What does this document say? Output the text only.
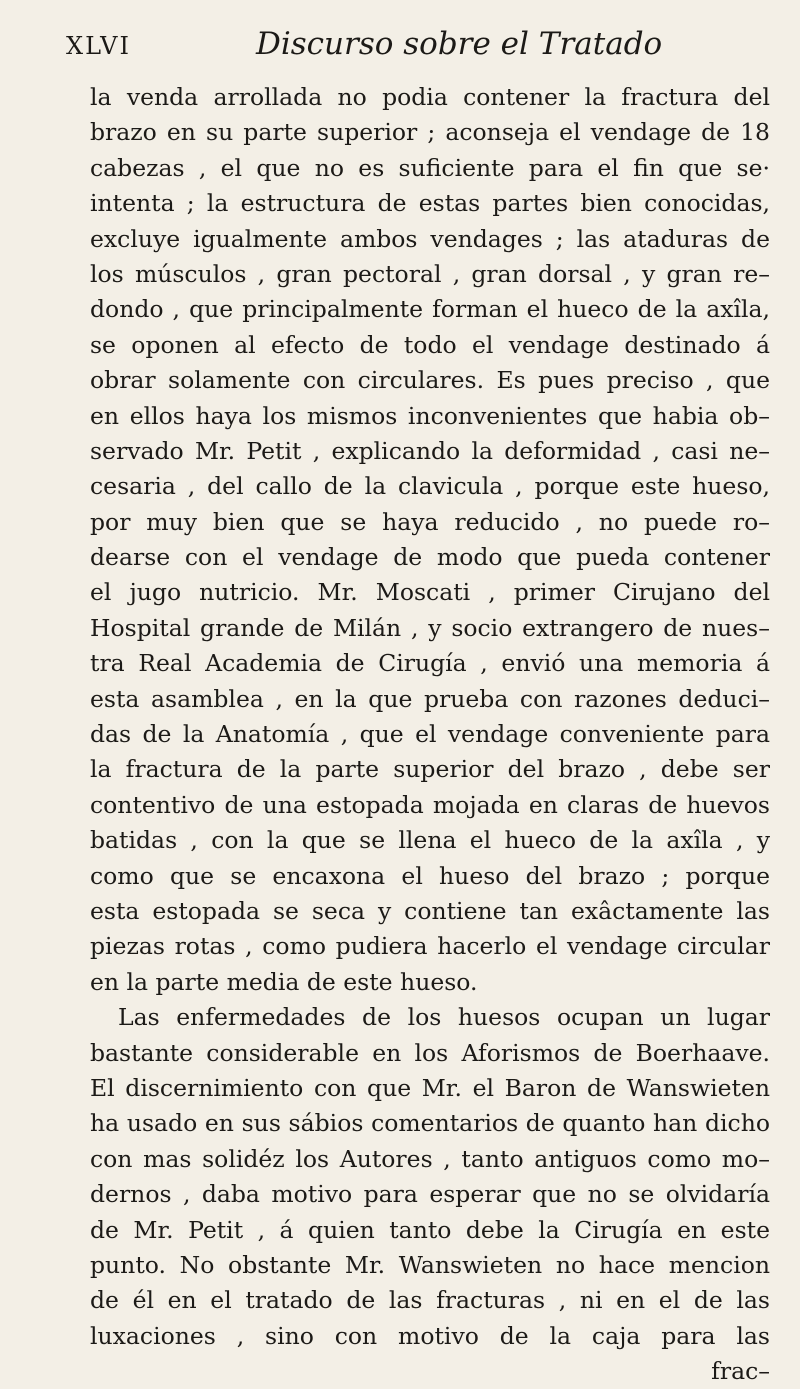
XLVI	Discurso sobre el Tratado
la venda arrollada no podia contener la fractura del
brazo en su parte superior ; aconseja el vendage de 18
cabezas , el que no es suficiente para el fin que se·
intenta ; la estructura de estas partes bien conocidas,
excluye igualmente ambos vendages ; las ataduras de
los músculos , gran pectoral , gran dorsal , y gran re–
dondo , que principalmente forman el hueco de la axîla,
se oponen al efecto de todo el vendage destinado á
obrar solamente con circulares. Es pues preciso , que
en ellos haya los mismos inconvenientes que habia ob–
servado Mr. Petit , explicando la deformidad , casi ne–
cesaria , del callo de la clavicula , porque este hueso,
por muy bien que se haya reducido , no puede ro–
dearse con el vendage de modo que pueda contener
el jugo nutricio. Mr. Moscati , primer Cirujano del
Hospital grande de Milán , y socio extrangero de nues–
tra Real Academia de Cirugía , envió una memoria á
esta asamblea , en la que prueba con razones deduci–
das de la Anatomía , que el vendage conveniente para
la fractura de la parte superior del brazo , debe ser
contentivo de una estopada mojada en claras de huevos
batidas , con la que se llena el hueco de la axîla , y
como que se encaxona el hueso del brazo ; porque
esta estopada se seca y contiene tan exâctamente las
piezas rotas , como pudiera hacerlo el vendage circular
en la parte media de este hueso.
Las enfermedades de los huesos ocupan un lugar
bastante considerable en los Aforismos de Boerhaave.
El discernimiento con que Mr. el Baron de Wanswieten
ha usado en sus sábios comentarios de quanto han dicho
con mas solidéz los Autores , tanto antiguos como mo–
dernos , daba motivo para esperar que no se olvidaría
de Mr. Petit , á quien tanto debe la Cirugía en este
punto. No obstante Mr. Wanswieten no hace mencion
de él en el tratado de las fracturas , ni en el de las
luxaciones , sino con motivo de la caja para las
frac–
